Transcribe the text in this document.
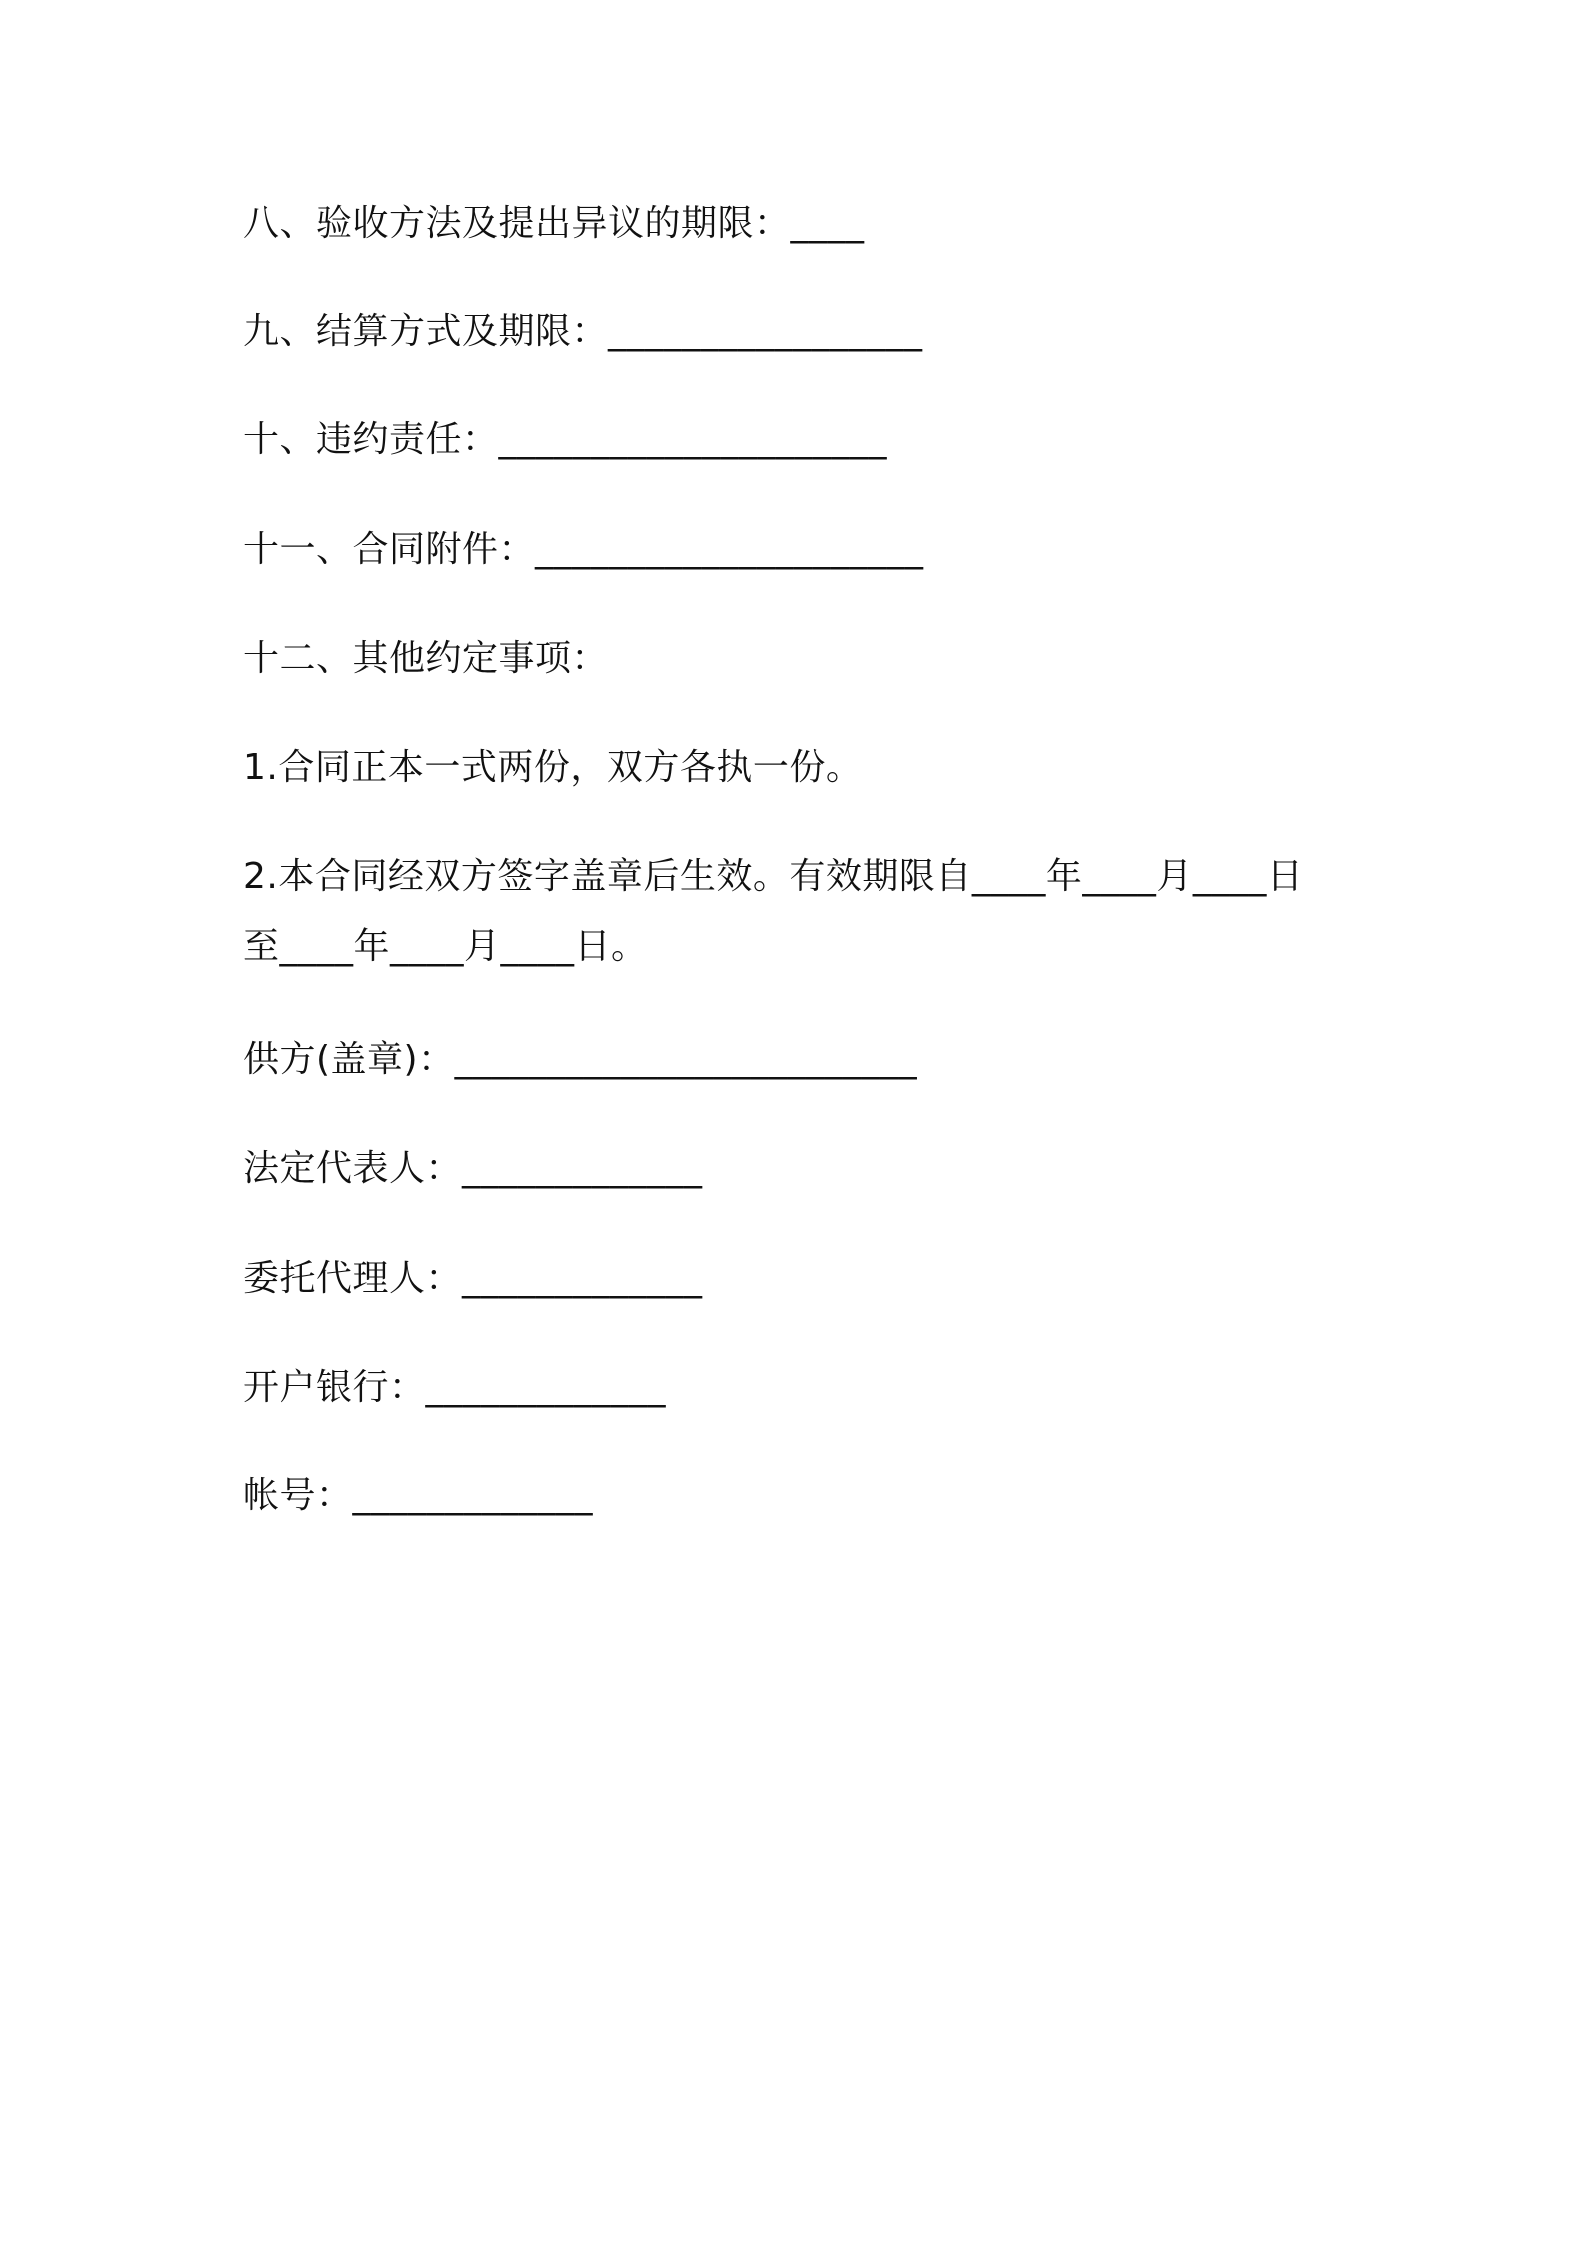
八、验收方法及提出异议的期限：____
九、结算方式及期限：_________________
十、违约责任：_____________________
十一、合同附件：_____________________
十二、其他约定事项：
1.合同正本一式两份，双方各执一份。
2.本合同经双方签字盖章后生效。有效期限自____年____月____日
至____年____月____日。
供方(盖章)：_________________________
法定代表人：_____________
委托代理人：_____________
开户银行：_____________
帐号：_____________
